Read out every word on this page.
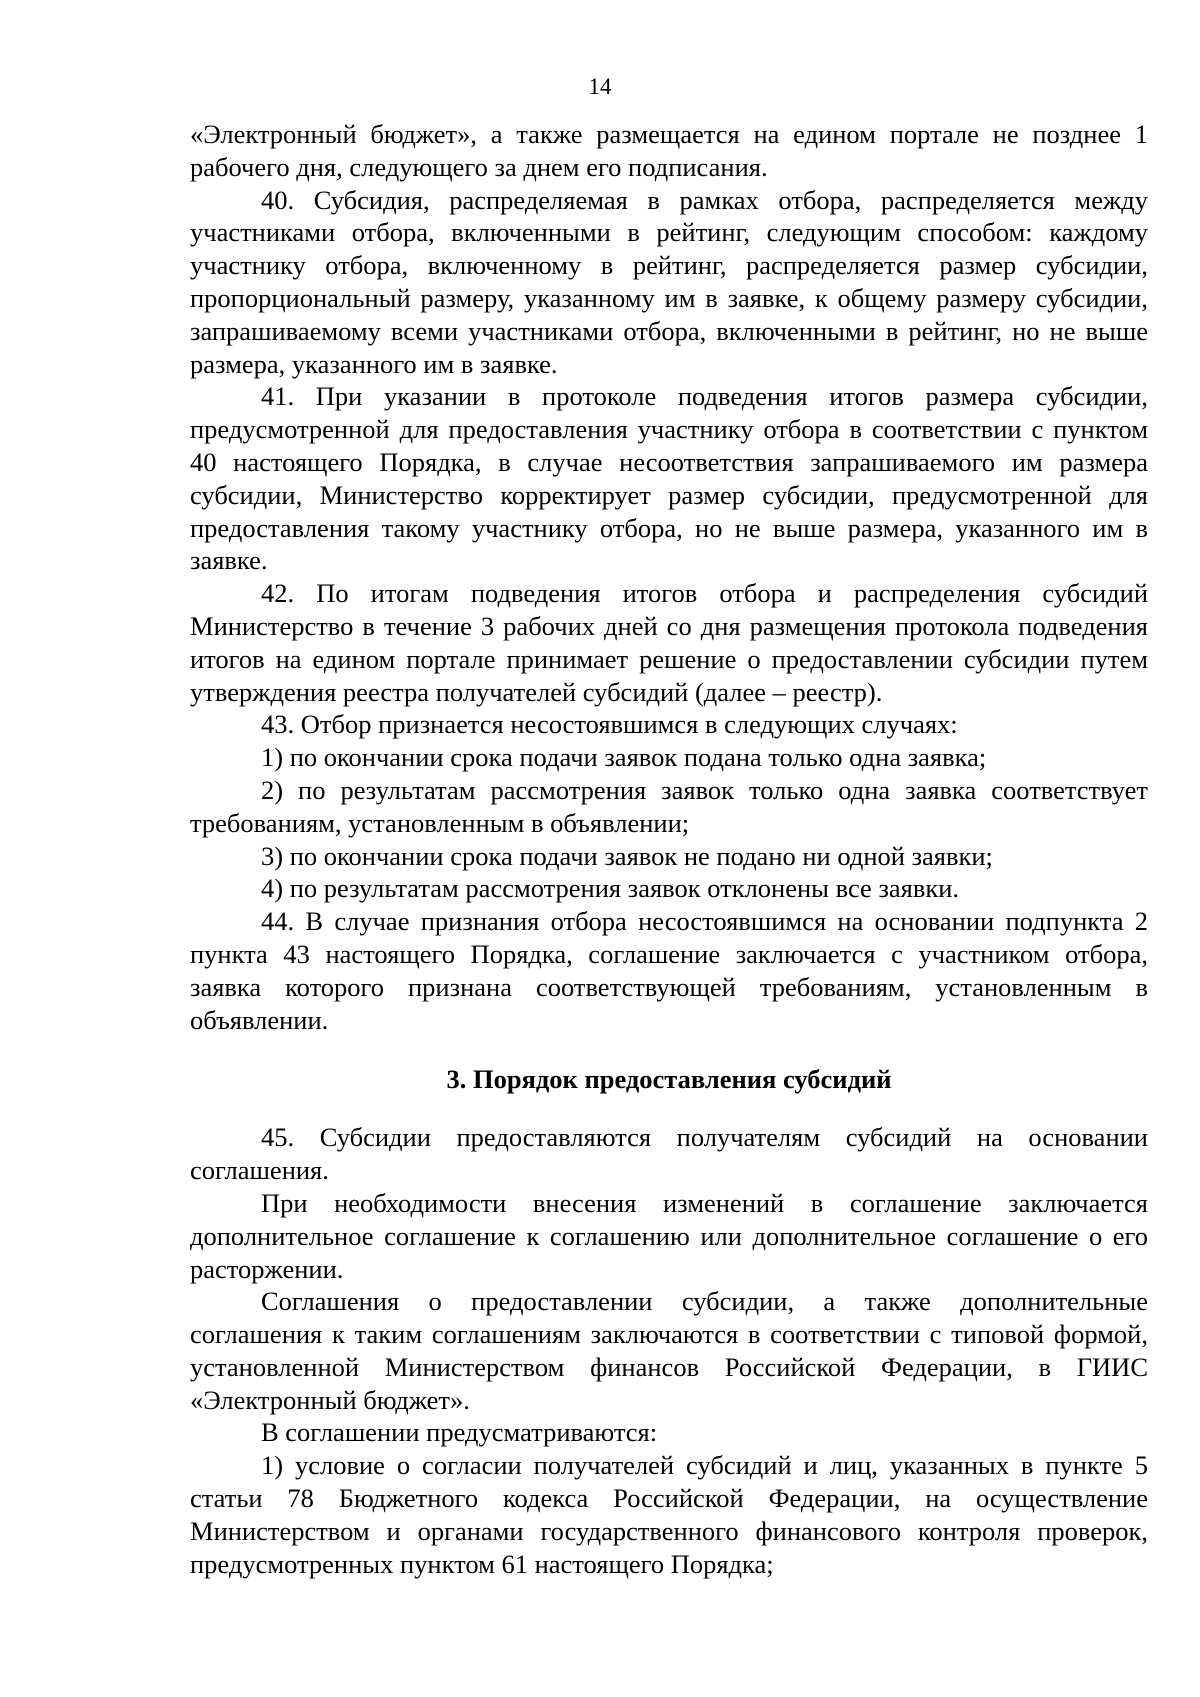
14

«Электронный бюджет», а также размещается на едином портале не позднее 1 рабочего дня, следующего за днем его подписания.

40. Субсидия, распределяемая в рамках отбора, распределяется между участниками отбора, включенными в рейтинг, следующим способом: каждому участнику отбора, включенному в рейтинг, распределяется размер субсидии, пропорциональный размеру, указанному им в заявке, к общему размеру субсидии, запрашиваемому всеми участниками отбора, включенными в рейтинг, но не выше размера, указанного им в заявке.

41. При указании в протоколе подведения итогов размера субсидии, предусмотренной для предоставления участнику отбора в соответствии с пунктом 40 настоящего Порядка, в случае несоответствия запрашиваемого им размера субсидии, Министерство корректирует размер субсидии, предусмотренной для предоставления такому участнику отбора, но не выше размера, указанного им в заявке.

42. По итогам подведения итогов отбора и распределения субсидий Министерство в течение 3 рабочих дней со дня размещения протокола подведения итогов на едином портале принимает решение о предоставлении субсидии путем утверждения реестра получателей субсидий (далее – реестр).

43. Отбор признается несостоявшимся в следующих случаях:

1) по окончании срока подачи заявок подана только одна заявка;

2) по результатам рассмотрения заявок только одна заявка соответствует требованиям, установленным в объявлении;

3) по окончании срока подачи заявок не подано ни одной заявки;

4) по результатам рассмотрения заявок отклонены все заявки.

44. В случае признания отбора несостоявшимся на основании подпункта 2 пункта 43 настоящего Порядка, соглашение заключается с участником отбора, заявка которого признана соответствующей требованиям, установленным в объявлении.

3. Порядок предоставления субсидий

45. Субсидии предоставляются получателям субсидий на основании соглашения.

При необходимости внесения изменений в соглашение заключается дополнительное соглашение к соглашению или дополнительное соглашение о его расторжении.

Соглашения о предоставлении субсидии, а также дополнительные соглашения к таким соглашениям заключаются в соответствии с типовой формой, установленной Министерством финансов Российской Федерации, в ГИИС «Электронный бюджет».

В соглашении предусматриваются:

1) условие о согласии получателей субсидий и лиц, указанных в пункте 5 статьи 78 Бюджетного кодекса Российской Федерации, на осуществление Министерством и органами государственного финансового контроля проверок, предусмотренных пунктом 61 настоящего Порядка;
